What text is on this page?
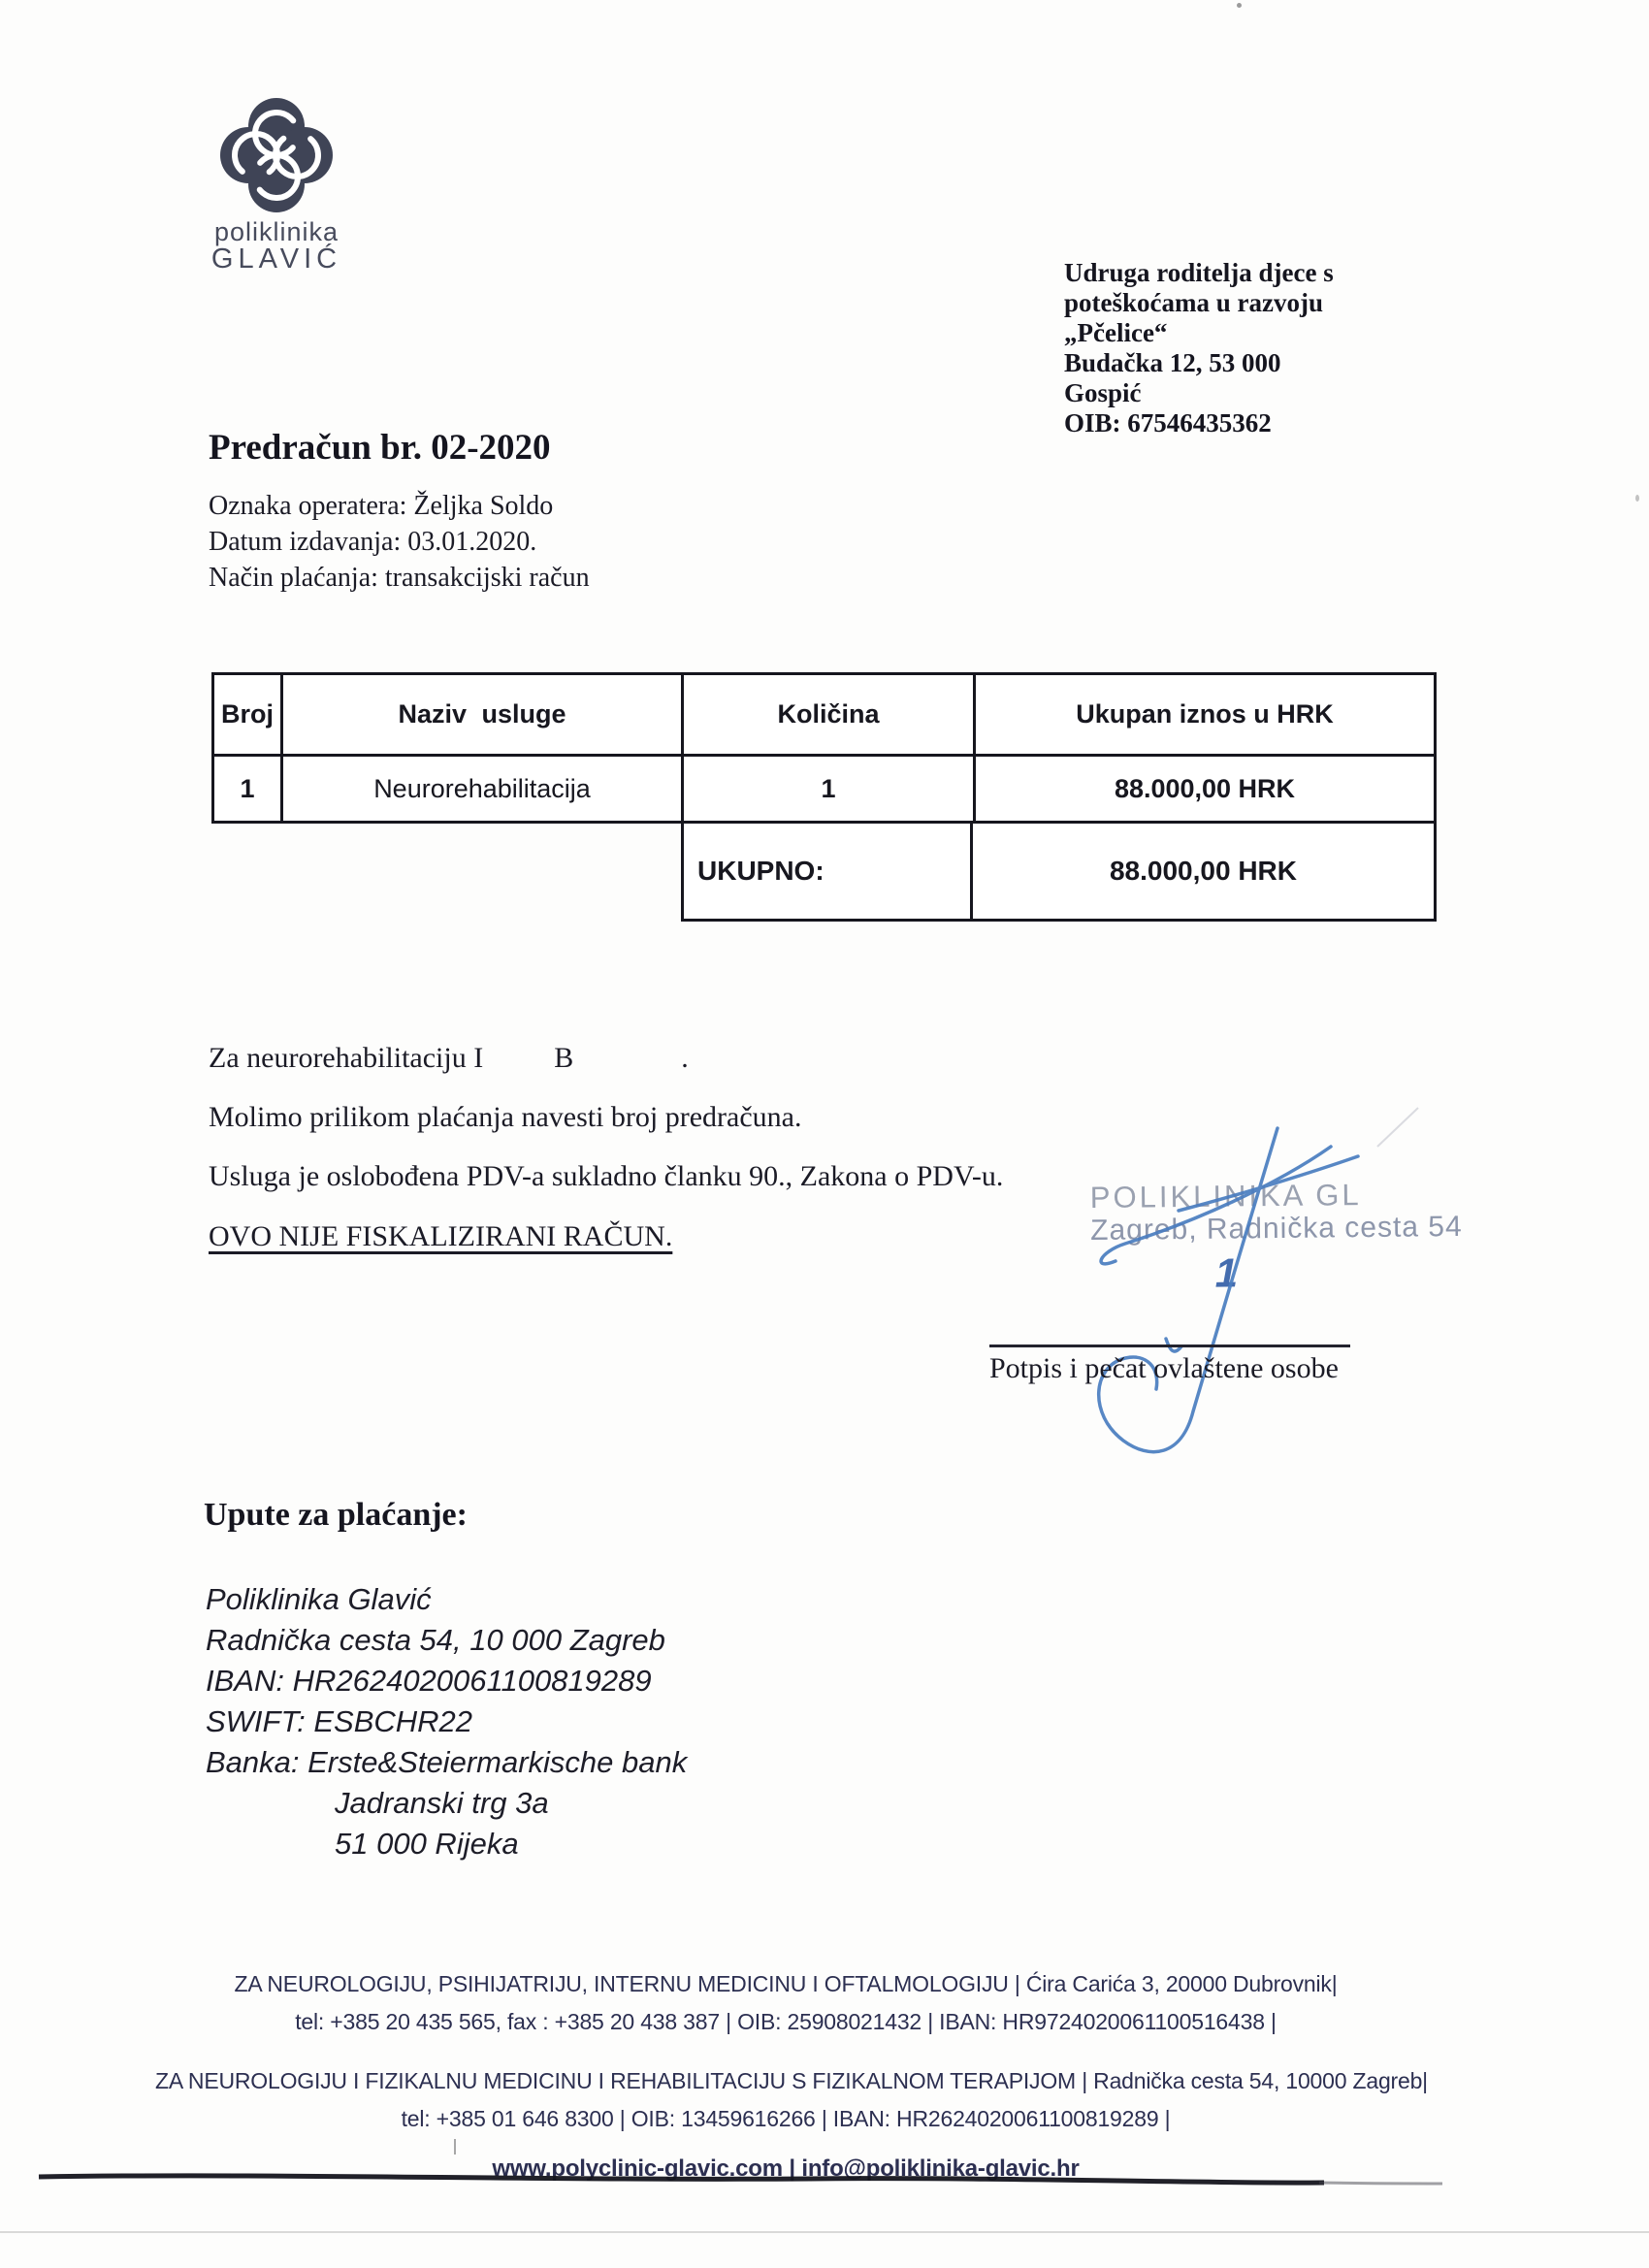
poliklinika
GLAVIĆ	Udruga roditelja djece s
poteškoćama u razvoju
„Pčelice“
Budačka 12, 53 000
Gospić
OIB: 67546435362
Predračun br. 02-2020
Oznaka operatera: Željka Soldo
Datum izdavanja: 03.01.2020.
Način plaćanja: transakcijski račun
Broj	Naziv usluge	Količina	Ukupan iznos u HRK
1	Neurorehabilitacija	1	88.000,00 HRK
UKUPNO:	88.000,00 HRK
Za neurorehabilitaciju I B	.
Molimo prilikom plaćanja navesti broj predračuna.
Usluga je oslobođena PDV-a sukladno članku 90., Zakona o PDV-u.
OVO NIJE FISKALIZIRANI RAČUN.
POLIKLINIKA GL
Zagreb, Radnička cesta 54
1
Potpis i pečat ovlaštene osobe
Upute za plaćanje:
Poliklinika Glavić
Radnička cesta 54, 10 000 Zagreb
IBAN: HR2624020061100819289
SWIFT: ESBCHR22
Banka: Erste&Steiermarkische bank
Jadranski trg 3a
51 000 Rijeka
ZA NEUROLOGIJU, PSIHIJATRIJU, INTERNU MEDICINU I OFTALMOLOGIJU | Ćira Carića 3, 20000 Dubrovnik|
tel: +385 20 435 565, fax : +385 20 438 387 | OIB: 25908021432 | IBAN: HR9724020061100516438 |
ZA NEUROLOGIJU I FIZIKALNU MEDICINU I REHABILITACIJU S FIZIKALNOM TERAPIJOM | Radnička cesta 54, 10000 Zagreb|
tel: +385 01 646 8300 | OIB: 13459616266 | IBAN: HR2624020061100819289 |
www.polyclinic-glavic.com | info@poliklinika-glavic.hr
